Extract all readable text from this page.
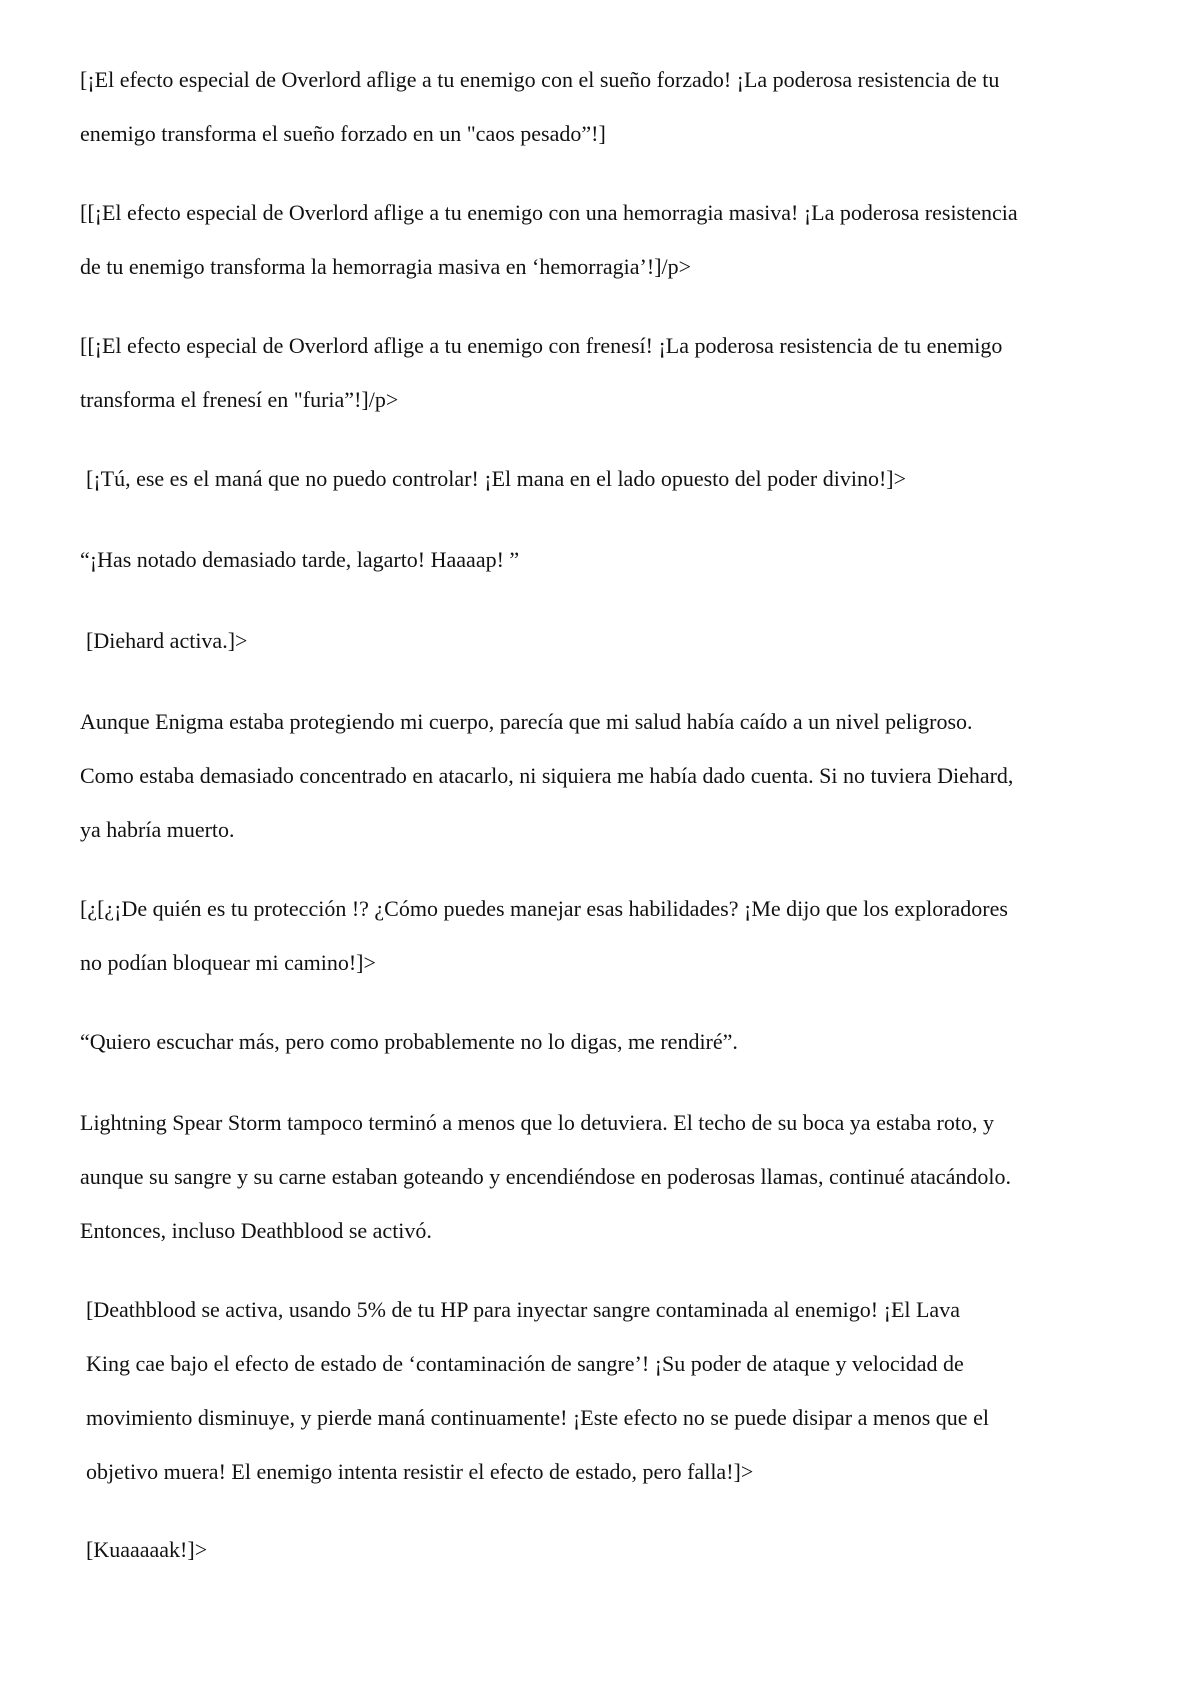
[¡El efecto especial de Overlord aflige a tu enemigo con el sueño forzado! ¡La poderosa resistencia de tu
enemigo transforma el sueño forzado en un "caos pesado”!]

[[¡El efecto especial de Overlord aflige a tu enemigo con una hemorragia masiva! ¡La poderosa resistencia
de tu enemigo transforma la hemorragia masiva en ‘hemorragia’!]/p>

[[¡El efecto especial de Overlord aflige a tu enemigo con frenesí! ¡La poderosa resistencia de tu enemigo
transforma el frenesí en "furia”!]/p>

[¡Tú, ese es el maná que no puedo controlar! ¡El mana en el lado opuesto del poder divino!]>

“¡Has notado demasiado tarde, lagarto! Haaaap! ”

[Diehard activa.]>

Aunque Enigma estaba protegiendo mi cuerpo, parecía que mi salud había caído a un nivel peligroso.
Como estaba demasiado concentrado en atacarlo, ni siquiera me había dado cuenta. Si no tuviera Diehard,
ya habría muerto.

[¿[¿¡De quién es tu protección !? ¿Cómo puedes manejar esas habilidades? ¡Me dijo que los exploradores
no podían bloquear mi camino!]>

“Quiero escuchar más, pero como probablemente no lo digas, me rendiré”.

Lightning Spear Storm tampoco terminó a menos que lo detuviera. El techo de su boca ya estaba roto, y
aunque su sangre y su carne estaban goteando y encendiéndose en poderosas llamas, continué atacándolo.
Entonces, incluso Deathblood se activó.

[Deathblood se activa, usando 5% de tu HP para inyectar sangre contaminada al enemigo! ¡El Lava
King cae bajo el efecto de estado de ‘contaminación de sangre’! ¡Su poder de ataque y velocidad de
movimiento disminuye, y pierde maná continuamente! ¡Este efecto no se puede disipar a menos que el
objetivo muera! El enemigo intenta resistir el efecto de estado, pero falla!]>

[Kuaaaaak!]>
